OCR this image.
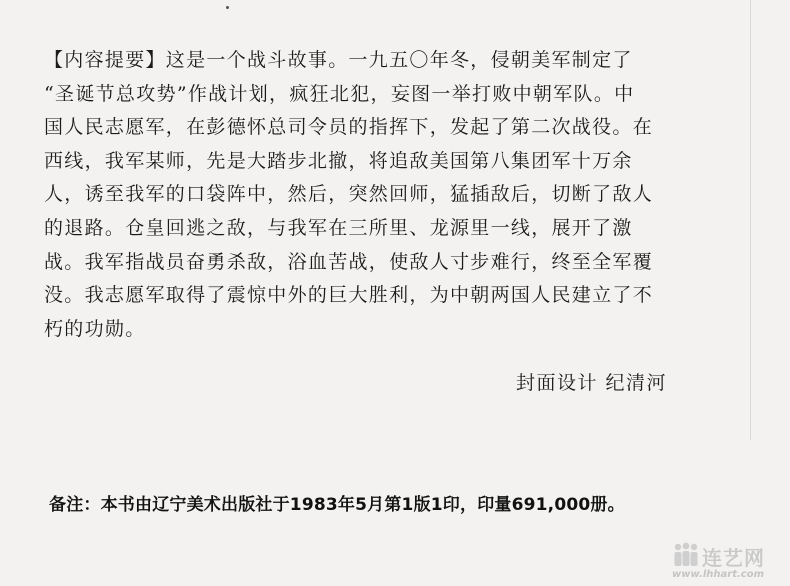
【内容提要】这是一个战斗故事。一九五〇年冬，侵朝美军制定了
“圣诞节总攻势”作战计划，疯狂北犯，妄图一举打败中朝军队。中
国人民志愿军，在彭德怀总司令员的指挥下，发起了第二次战役。在
西线，我军某师，先是大踏步北撤，将追敌美国第八集团军十万余
人，诱至我军的口袋阵中，然后，突然回师，猛插敌后，切断了敌人
的退路。仓皇回逃之敌，与我军在三所里、龙源里一线，展开了激
战。我军指战员奋勇杀敌，浴血苦战，使敌人寸步难行，终至全军覆
没。我志愿军取得了震惊中外的巨大胜利，为中朝两国人民建立了不
朽的功勋。
封面设计 纪清河
备注：本书由辽宁美术出版社于1983年5月第1版1印，印量691,000册。
连艺网
www.lhhart.com
